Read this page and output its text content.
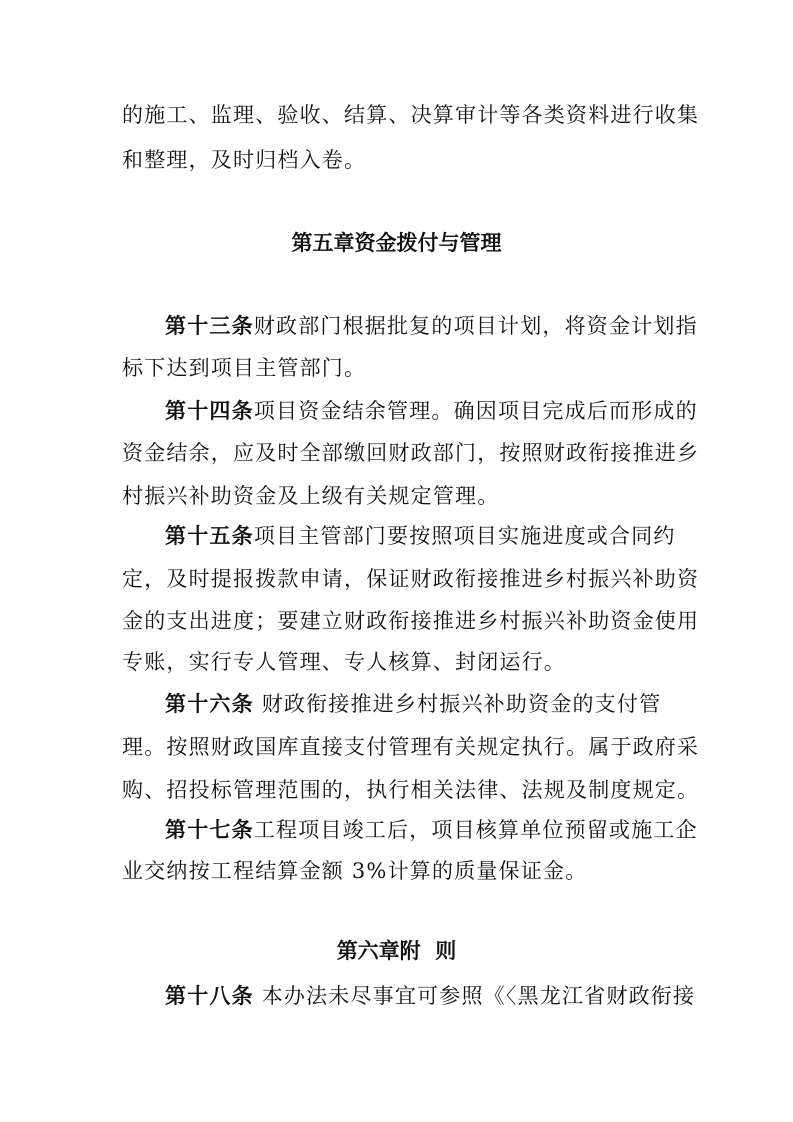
的施工、监理、验收、结算、决算审计等各类资料进行收集
和整理，及时归档入卷。
第五章资金拨付与管理
第十三条财政部门根据批复的项目计划，将资金计划指
标下达到项目主管部门。
第十四条项目资金结余管理。确因项目完成后而形成的
资金结余，应及时全部缴回财政部门，按照财政衔接推进乡
村振兴补助资金及上级有关规定管理。
第十五条项目主管部门要按照项目实施进度或合同约
定，及时提报拨款申请，保证财政衔接推进乡村振兴补助资
金的支出进度；要建立财政衔接推进乡村振兴补助资金使用
专账，实行专人管理、专人核算、封闭运行。
第十六条 财政衔接推进乡村振兴补助资金的支付管
理。按照财政国库直接支付管理有关规定执行。属于政府采
购、招投标管理范围的，执行相关法律、法规及制度规定。
第十七条工程项目竣工后，项目核算单位预留或施工企
业交纳按工程结算金额 3%计算的质量保证金。
第六章附  则
第十八条 本办法未尽事宜可参照《〈黑龙江省财政衔接
